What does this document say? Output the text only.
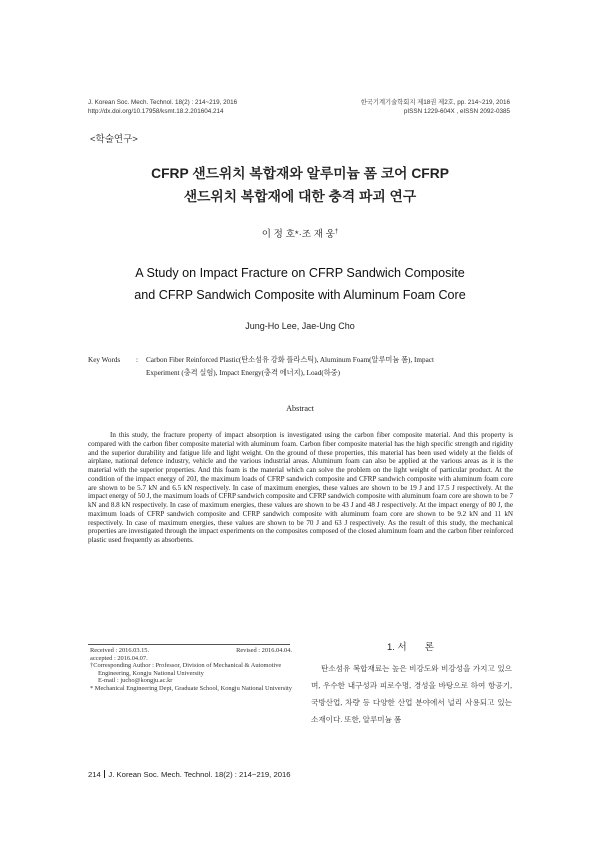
J. Korean Soc. Mech. Technol. 18(2) : 214~219, 2016
http://dx.doi.org/10.17958/ksmt.18.2.201604.214
한국기계기술학회지 제18권 제2호, pp. 214~219, 2016
pISSN 1229-604X , eISSN 2092-0385
<학술연구>
CFRP 샌드위치 복합재와 알루미늄 폼 코어 CFRP
샌드위치 복합재에 대한 충격 파괴 연구
이 정 호*·조 재 웅†
A Study on Impact Fracture on CFRP Sandwich Composite
and CFRP Sandwich Composite with Aluminum Foam Core
Jung-Ho Lee, Jae-Ung Cho
Key Words : Carbon Fiber Reinforced Plastic(탄소섬유 강화 플라스틱), Aluminum Foam(알루미늄 폼), Impact
Experiment (충격 실험), Impact Energy(충격 에너지), Load(하중)
Abstract

In this study, the fracture property of impact absorption is investigated using the carbon fiber composite material. And this property is compared with the carbon fiber composite material with aluminum foam. Carbon fiber composite material has the high specific strength and rigidity and the superior durability and fatigue life and light weight. On the ground of these properties, this material has been used widely at the fields of airplane, national defence industry, vehicle and the various industrial areas. Aluminum foam can also be applied at the various areas as it is the material with the superior properties. And this foam is the material which can solve the problem on the light weight of particular product. At the condition of the impact energy of 20J, the maximum loads of CFRP sandwich composite and CFRP sandwich composite with aluminum foam core are shown to be 5.7 kN and 6.5 kN respectively. In case of maximum energies, these values are shown to be 19 J and 17.5 J respectively. At the impact energy of 50 J, the maximum loads of CFRP sandwich composite and CFRP sandwich composite with aluminum foam core are shown to be 7 kN and 8.8 kN respectively. In case of maximum energies, these values are shown to be 43 J and 48 J respectively. At the impact energy of 80 J, the maximum loads of CFRP sandwich composite and CFRP sandwich composite with aluminum foam core are shown to be 9.2 kN and 11 kN respectively. In case of maximum energies, these values are shown to be 70 J and 63 J respectively. As the result of this study, the mechanical properties are investigated through the impact experiments on the composites composed of the closed aluminum foam and the carbon fiber reinforced plastic used frequently as absorbents.

Received : 2016.03.15.	Revised : 2016.04.04.
accepted : 2016.04.07.
†Corresponding Author : Professor, Division of Mechanical & Automotive Engineering, Kongju National University
E-mail : jucho@kongju.ac.kr
* Mechanical Engineering Dept, Graduate School, Kongju National University
1. 서 론

탄소섬유 복합재료는 높은 비강도와 비강성을 가지고 있으며, 우수한 내구성과 피로수명, 경성을 바탕으로 하여 항공기, 국방산업, 차량 등 다양한 산업 분야에서 널리 사용되고 있는 소재이다. 또한, 알루미늄 폼

214 J. Korean Soc. Mech. Technol. 18(2) : 214~219, 2016
